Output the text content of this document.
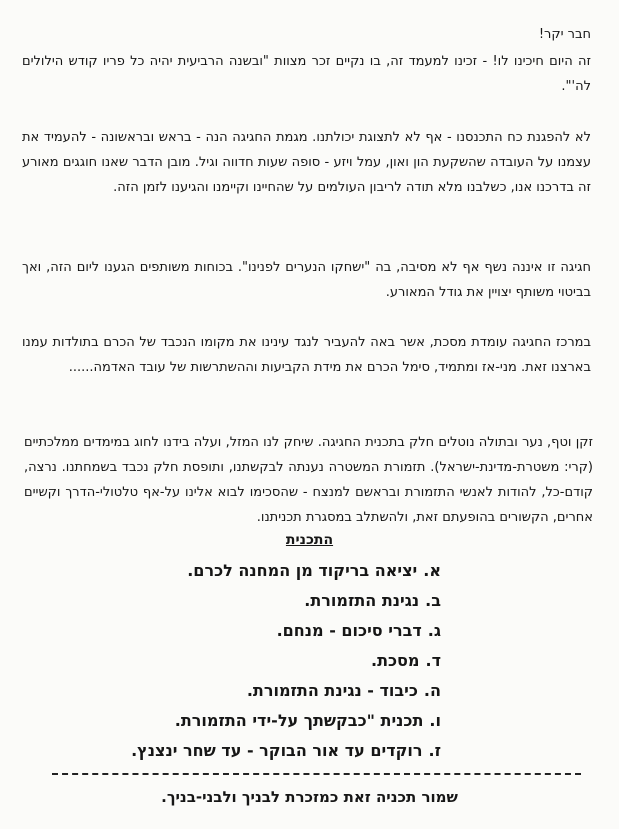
חבר יקר!

זה היום חיכינו לו! - זכינו למעמד זה, בו נקיים זכר מצוות "ובשנה הרביעית יהיה כל פריו קודש הילולים לה'".

לא להפגנת כח התכנסנו - אף לא לתצוגת יכולתנו. מגמת החגיגה הנה - בראש ובראשונה - להעמיד את עצמנו על העובדה שהשקעת הון ואון, עמל ויזע - סופה שעות חדווה וגיל. מובן הדבר שאנו חוגגים מאורע זה בדרכנו אנו, כשלבנו מלא תודה לריבון העולמים על שהחיינו וקיימנו והגיענו לזמן הזה.

חגיגה זו איננה נשף אף לא מסיבה, בה "ישחקו הנערים לפנינו". בכוחות משותפים הגענו ליום הזה, ואך בביטוי משותף יצויין את גודל המאורע.

במרכז החגיגה עומדת מסכת, אשר באה להעביר לנגד עינינו את מקומו הנכבד של הכרם בתולדות עמנו בארצנו זאת. מני-אז ומתמיד, סימל הכרם את מידת הקביעות וההשתרשות של עובד האדמה......

זקן וטף, נער ובתולה נוטלים חלק בתכנית החגיגה. שיחק לנו המזל, ועלה בידנו לחוג במימדים ממלכתיים (קרי: משטרת-מדינת-ישראל). תזמורת המשטרה נענתה לבקשתנו, ותופסת חלק נכבד בשמחתנו. נרצה, קודם-כל, להודות לאנשי התזמורת ובראשם למנצח - שהסכימו לבוא אלינו על-אף טלטולי-הדרך וקשיים אחרים, הקשורים בהופעתם זאת, ולהשתלב במסגרת תכניתנו.

התכנית
א.יציאה בריקוד מן המחנה לכרם.
ב.נגינת התזמורת.
ג.דברי סיכום - מנחם.
ד.מסכת.
ה.כיבוד - נגינת התזמורת.
ו.תכנית "כבקשתך על-ידי התזמורת.
ז.רוקדים עד אור הבוקר - עד שחר ינצנץ.
שמור תכניה זאת כמזכרת לבניך ולבני-בניך.
